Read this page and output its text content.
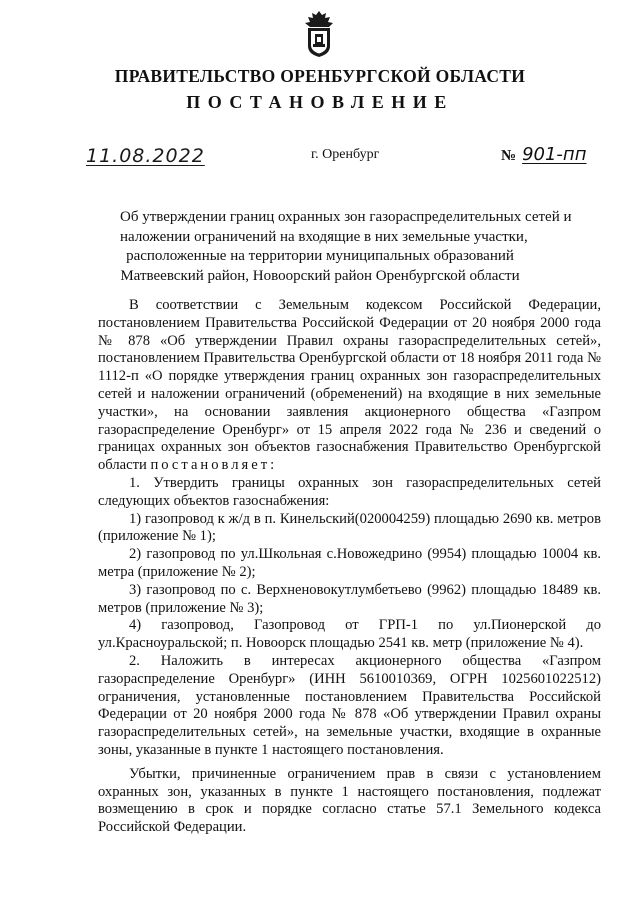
ПРАВИТЕЛЬСТВО ОРЕНБУРГСКОЙ ОБЛАСТИ
ПОСТАНОВЛЕНИЕ
11.08.2022	г. Оренбург	№ 901-пп
Об утверждении границ охранных зон газораспределительных сетей и
наложении ограничений на входящие в них земельные участки,
расположенные на территории муниципальных образований
Матвеевский район, Новоорский район Оренбургской области

В соответствии с Земельным кодексом Российской Федерации, постановлением Правительства Российской Федерации от 20 ноября 2000 года № 878 «Об утверждении Правил охраны газораспределительных сетей», постановлением Правительства Оренбургской области от 18 ноября 2011 года № 1112-п «О порядке утверждения границ охранных зон газораспределительных сетей и наложении ограничений (обременений) на входящие в них земельные участки», на основании заявления акционерного общества «Газпром газораспределение Оренбург» от 15 апреля 2022 года № 236 и сведений о границах охранных зон объектов газоснабжения Правительство Оренбургской области постановляет:

1. Утвердить границы охранных зон газораспределительных сетей следующих объектов газоснабжения:

1) газопровод к ж/д в п. Кинельский(020004259) площадью 2690 кв. метров (приложение № 1);

2) газопровод по ул.Школьная с.Новожедрино (9954) площадью 10004 кв. метра (приложение № 2);

3) газопровод по с. Верхненовокутлумбетьево (9962) площадью 18489 кв. метров (приложение № 3);

4) газопровод, Газопровод от ГРП-1 по ул.Пионерской до ул.Красноуральской; п. Новоорск площадью 2541 кв. метр (приложение № 4).

2. Наложить в интересах акционерного общества «Газпром газораспределение Оренбург» (ИНН 5610010369, ОГРН 1025601022512) ограничения, установленные постановлением Правительства Российской Федерации от 20 ноября 2000 года № 878 «Об утверждении Правил охраны газораспределительных сетей», на земельные участки, входящие в охранные зоны, указанные в пункте 1 настоящего постановления.

Убытки, причиненные ограничением прав в связи с установлением охранных зон, указанных в пункте 1 настоящего постановления, подлежат возмещению в срок и порядке согласно статье 57.1 Земельного кодекса Российской Федерации.
